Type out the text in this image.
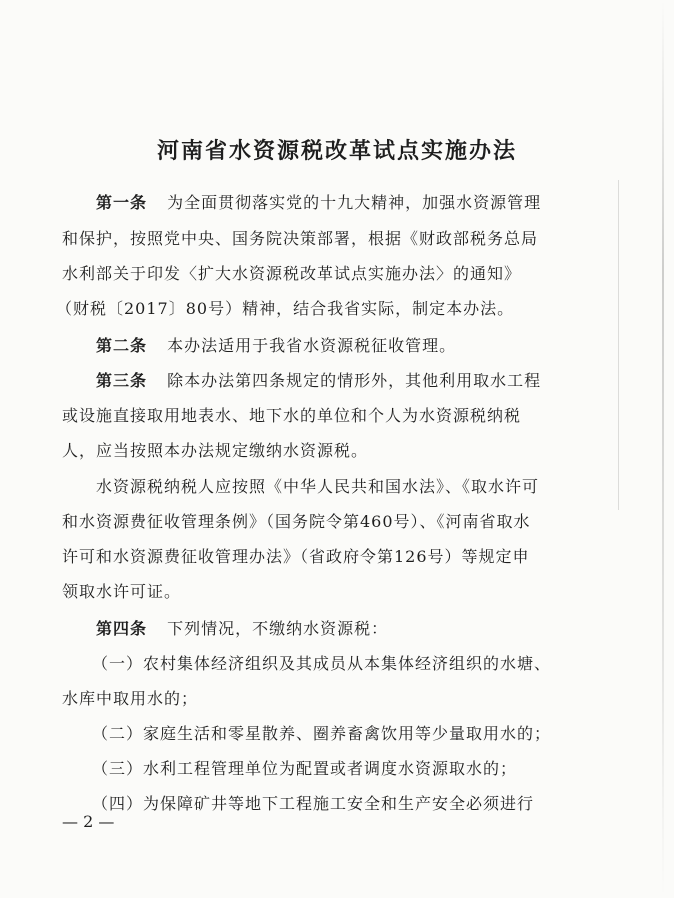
河南省水资源税改革试点实施办法
第一条 为全面贯彻落实党的十九大精神，加强水资源管理
和保护，按照党中央、国务院决策部署，根据《财政部税务总局
水利部关于印发〈扩大水资源税改革试点实施办法〉的通知》
（财税〔2017〕80号）精神，结合我省实际，制定本办法。
第二条 本办法适用于我省水资源税征收管理。
第三条 除本办法第四条规定的情形外，其他利用取水工程
或设施直接取用地表水、地下水的单位和个人为水资源税纳税
人，应当按照本办法规定缴纳水资源税。
水资源税纳税人应按照《中华人民共和国水法》、《取水许可
和水资源费征收管理条例》（国务院令第460号）、《河南省取水
许可和水资源费征收管理办法》（省政府令第126号）等规定申
领取水许可证。
第四条 下列情况，不缴纳水资源税：
（一）农村集体经济组织及其成员从本集体经济组织的水塘、
水库中取用水的；
（二）家庭生活和零星散养、圈养畜禽饮用等少量取用水的；
（三）水利工程管理单位为配置或者调度水资源取水的；
（四）为保障矿井等地下工程施工安全和生产安全必须进行
— 2 —
